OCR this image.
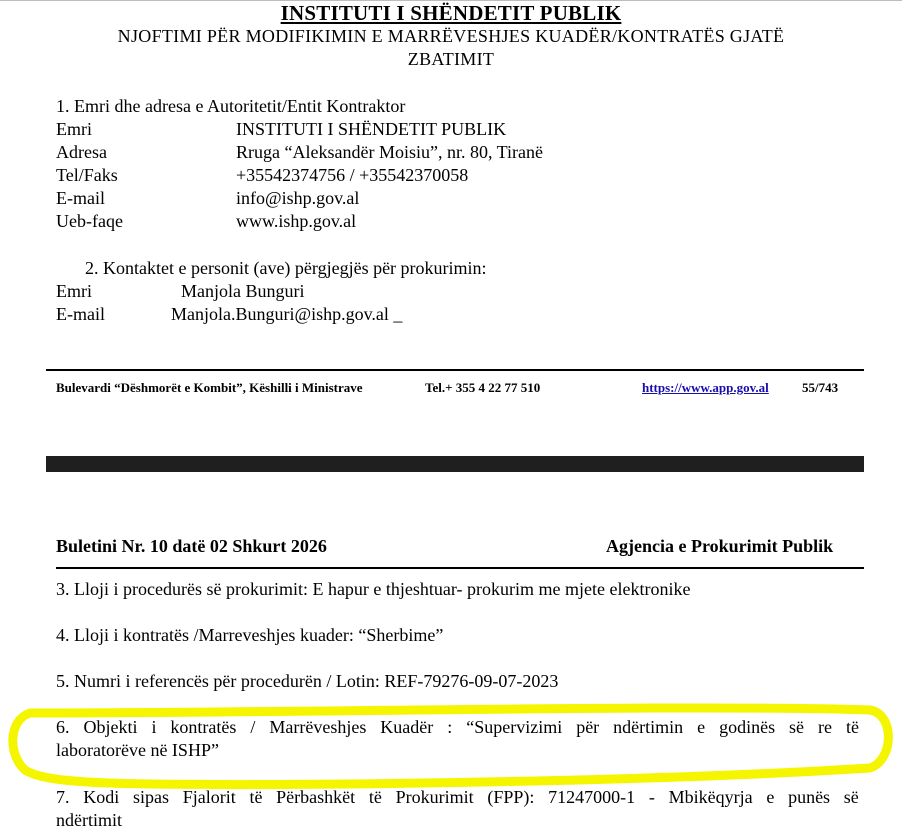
INSTITUTI I SHËNDETIT PUBLIK
NJOFTIMI PËR MODIFIKIMIN E MARRËVESHJES KUADËR/KONTRATËS GJATË
ZBATIMIT
1. Emri dhe adresa e Autoritetit/Entit Kontraktor
Emri	INSTITUTI I SHËNDETIT PUBLIK
Adresa	Rruga “Aleksandër Moisiu”, nr. 80, Tiranë
Tel/Faks	+35542374756 / +35542370058
E-mail	info@ishp.gov.al
Ueb-faqe	www.ishp.gov.al
2. Kontaktet e personit (ave) përgjegjës për prokurimin:
Emri	Manjola Bunguri
E-mail	Manjola.Bunguri@ishp.gov.al _
Bulevardi “Dëshmorët e Kombit”, Këshilli i Ministrave	Tel.+ 355 4 22 77 510	https://www.app.gov.al	55/743
Buletini Nr. 10 datë 02 Shkurt 2026	Agjencia e Prokurimit Publik
3. Lloji i procedurës së prokurimit: E hapur e thjeshtuar- prokurim me mjete elektronike
4. Lloji i kontratës /Marreveshjes kuader: “Sherbime”
5. Numri i referencës për procedurën / Lotin: REF-79276-09-07-2023
6. Objekti i kontratës / Marrëveshjes Kuadër : “Supervizimi për ndërtimin e godinës së re të
laboratorëve në ISHP”
7. Kodi sipas Fjalorit të Përbashkët të Prokurimit (FPP): 71247000-1 - Mbikëqyrja e punës së
ndërtimit
